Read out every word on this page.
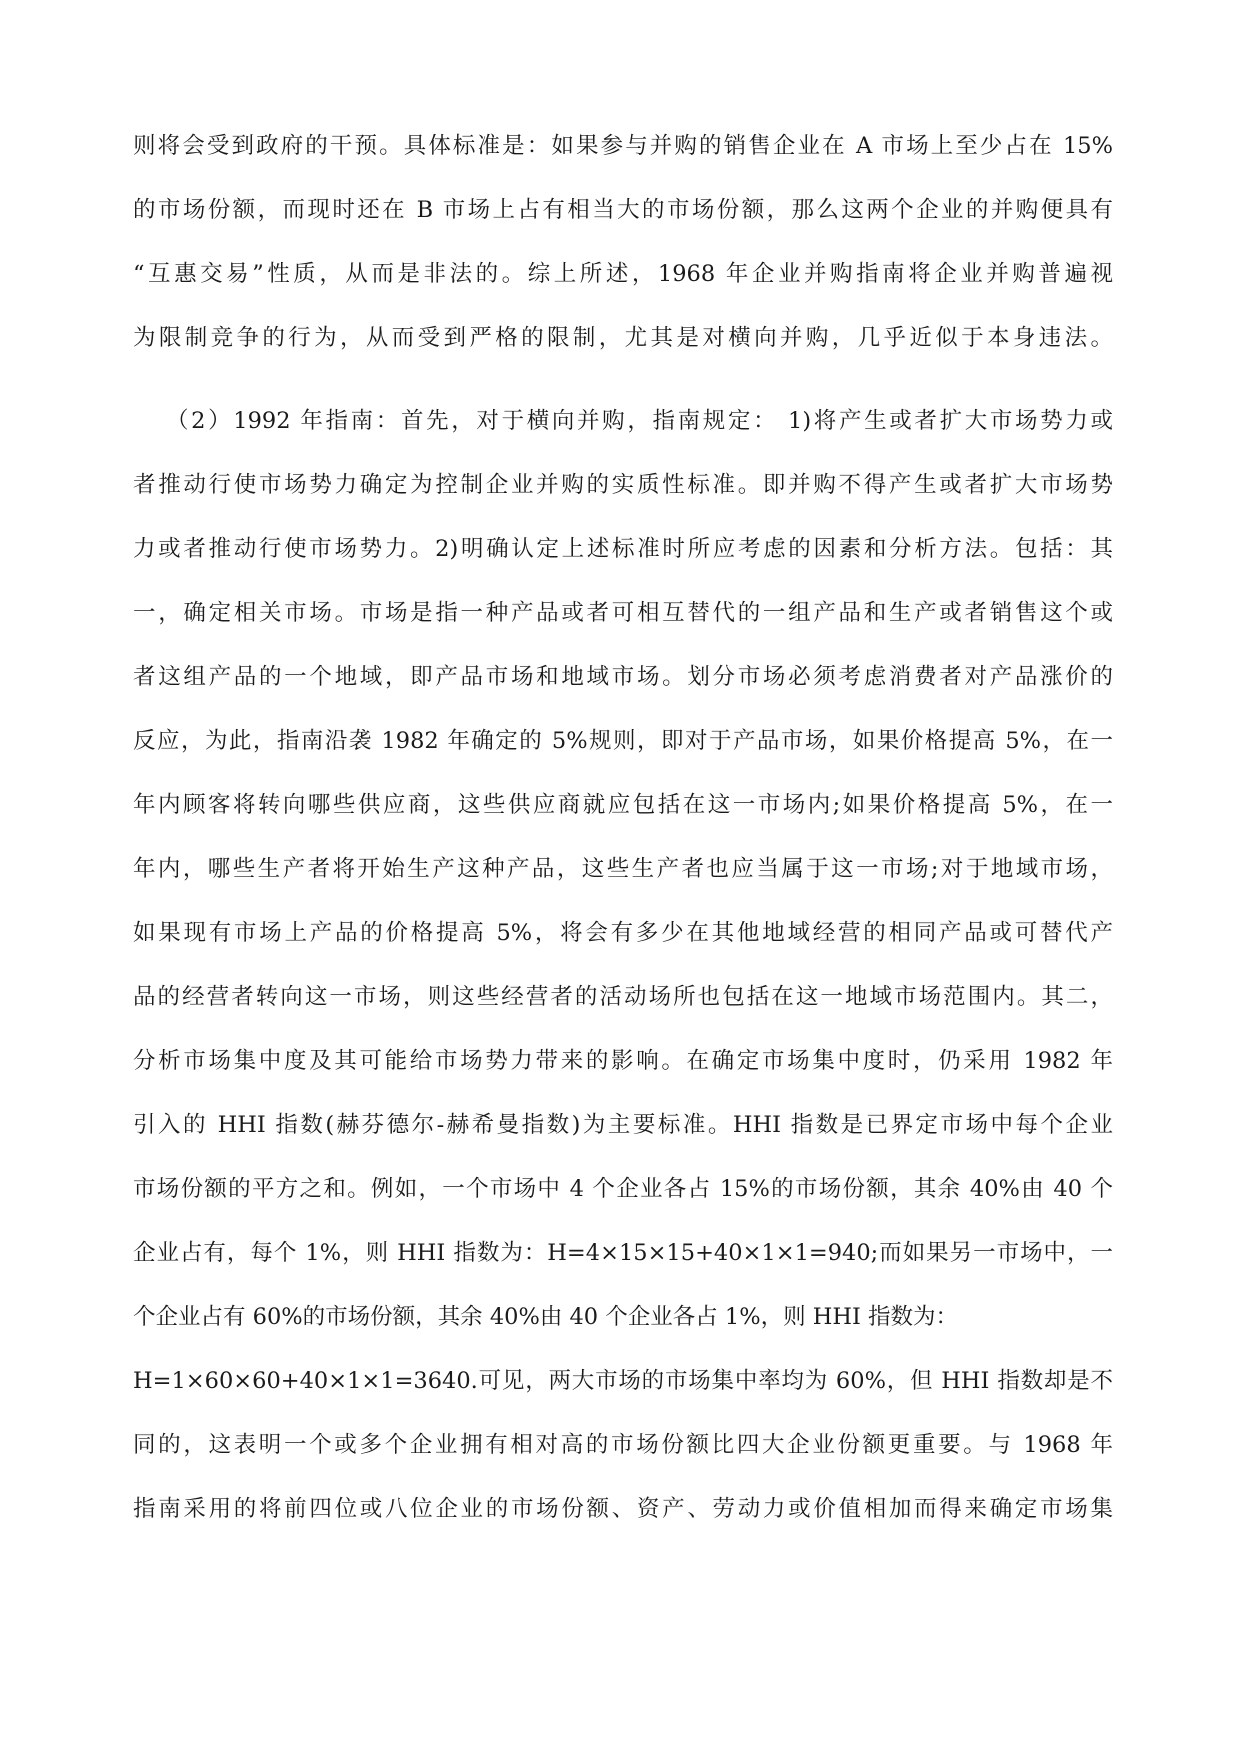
则将会受到政府的干预。具体标准是：如果参与并购的销售企业在 A 市场上至少占在 15%
的市场份额，而现时还在 B 市场上占有相当大的市场份额，那么这两个企业的并购便具有
“互惠交易”性质，从而是非法的。综上所述，1968 年企业并购指南将企业并购普遍视
为限制竞争的行为，从而受到严格的限制，尤其是对横向并购，几乎近似于本身违法。
（2）1992 年指南：首先，对于横向并购，指南规定： 1)将产生或者扩大市场势力或
者推动行使市场势力确定为控制企业并购的实质性标准。即并购不得产生或者扩大市场势
力或者推动行使市场势力。2)明确认定上述标准时所应考虑的因素和分析方法。包括：其
一，确定相关市场。市场是指一种产品或者可相互替代的一组产品和生产或者销售这个或
者这组产品的一个地域，即产品市场和地域市场。划分市场必须考虑消费者对产品涨价的
反应，为此，指南沿袭 1982 年确定的 5%规则，即对于产品市场，如果价格提高 5%，在一
年内顾客将转向哪些供应商，这些供应商就应包括在这一市场内;如果价格提高 5%，在一
年内，哪些生产者将开始生产这种产品，这些生产者也应当属于这一市场;对于地域市场，
如果现有市场上产品的价格提高 5%，将会有多少在其他地域经营的相同产品或可替代产
品的经营者转向这一市场，则这些经营者的活动场所也包括在这一地域市场范围内。其二，
分析市场集中度及其可能给市场势力带来的影响。在确定市场集中度时，仍采用 1982 年
引入的 HHI 指数(赫芬德尔-赫希曼指数)为主要标准。HHI 指数是已界定市场中每个企业
市场份额的平方之和。例如，一个市场中 4 个企业各占 15%的市场份额，其余 40%由 40 个
企业占有，每个 1%，则 HHI 指数为：H=4×15×15+40×1×1=940;而如果另一市场中，一
个企业占有 60%的市场份额，其余 40%由 40 个企业各占 1%，则 HHI 指数为：
H=1×60×60+40×1×1=3640.可见，两大市场的市场集中率均为 60%，但 HHI 指数却是不
同的，这表明一个或多个企业拥有相对高的市场份额比四大企业份额更重要。与 1968 年
指南采用的将前四位或八位企业的市场份额、资产、劳动力或价值相加而得来确定市场集
